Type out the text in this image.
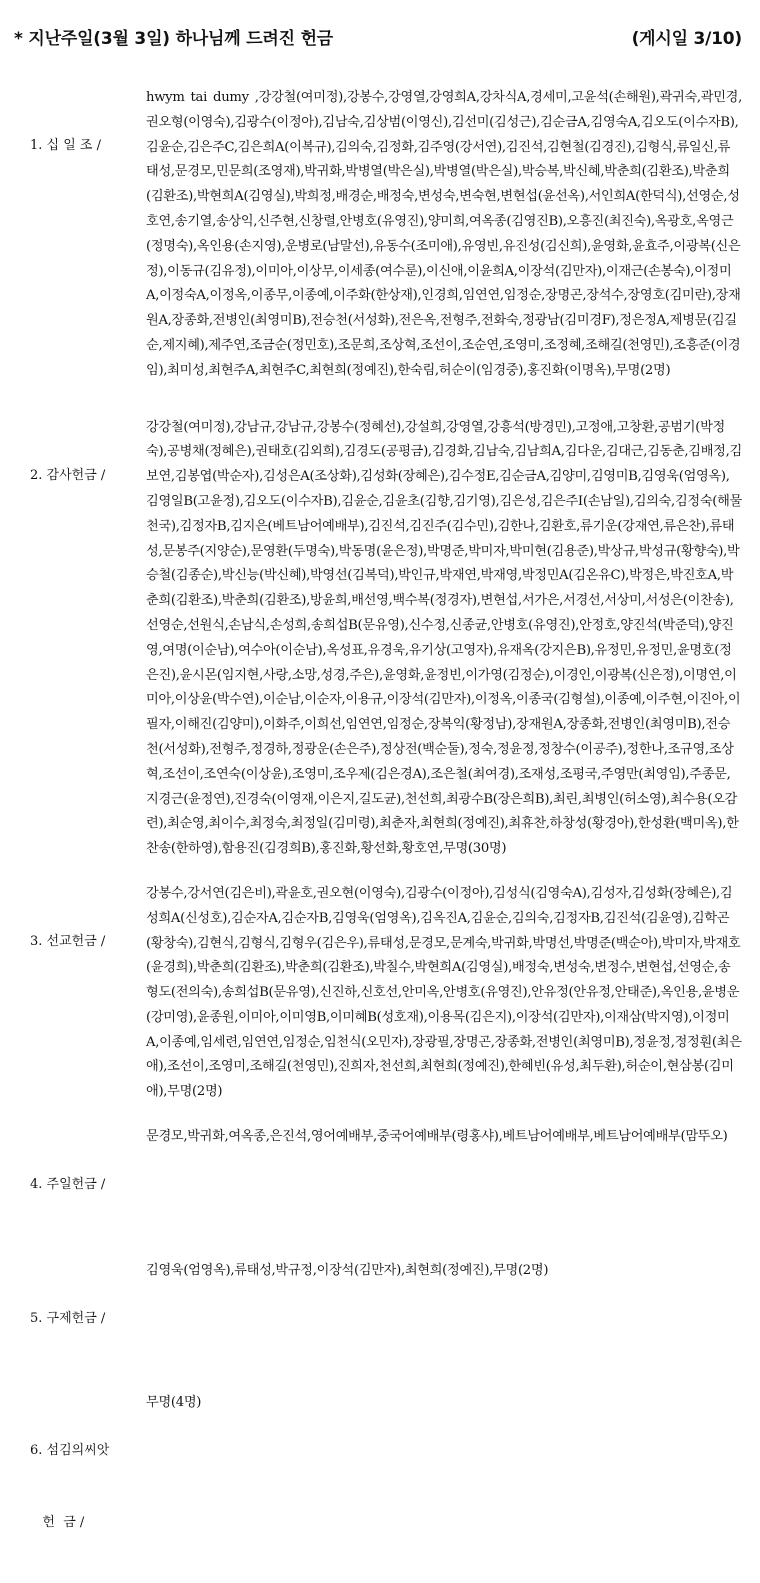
* 지난주일(3월 3일) 하나님께 드려진 헌금	(게시일 3/10)

1. 십 일 조 /

hwym tai dumy ,강강철(여미정),강봉수,강영열,강영희A,강차식A,경세미,고윤석(손해원),곽귀숙,곽민경,권오형(이영숙),김광수(이정아),김남숙,김상범(이영신),김선미(김성근),김순금A,김영숙A,김오도(이수자B),김윤순,김은주C,김은희A(이복규),김의숙,김정화,김주영(강서연),김진석,김현철(김경진),김형식,류일신,류태성,문경모,민문희(조영재),박귀화,박병열(박은실),박병열(박은실),박승복,박신혜,박춘희(김환조),박춘희(김환조),박현희A(김영실),박희정,배경순,배정숙,변성숙,변숙현,변현섭(윤선옥),서인희A(한덕식),선영순,성호연,송기열,송상익,신주현,신창렬,안병호(유영진),양미희,여옥종(김영진B),오흥진(최진숙),옥광호,옥영근(정명숙),옥인용(손지영),운병로(남말선),유동수(조미애),유영빈,유진성(김신희),윤영화,윤효주,이광복(신은정),이동규(김유정),이미아,이상무,이세종(여수룬),이신애,이윤희A,이장석(김만자),이재근(손봉숙),이정미A,이정숙A,이정옥,이종무,이종예,이주화(한상재),인경희,임연연,임정순,장명곤,장석수,장영호(김미란),장재원A,장종화,전병인(최영미B),전승천(서성화),전은옥,전형주,전화숙,정광남(김미경F),정은정A,제병문(김길순,제지혜),제주연,조금순(정민호),조문희,조상혁,조선이,조순연,조영미,조정혜,조해길(천영민),조흥준(이경임),최미성,최현주A,최현주C,최현희(정예진),한숙림,허순이(임경중),홍진화(이명옥),무명(2명)

2. 감사헌금 /

강강철(여미정),강남규,강남규,강봉수(정혜선),강설희,강영열,강흥석(방경민),고정애,고창환,공범기(박정숙),공병채(정혜은),권태호(김외희),김경도(공평금),김경화,김남숙,김남희A,김다운,김대근,김동춘,김배정,김보연,김봉엽(박순자),김성은A(조상화),김성화(장혜은),김수정E,김순금A,김양미,김영미B,김영욱(엄영옥),김영일B(고윤정),김오도(이수자B),김윤순,김윤초(김향,김기영),김은성,김은주I(손남일),김의숙,김정숙(해물천국),김정자B,김지은(베트남어예배부),김진석,김진주(김수민),김한나,김환호,류기운(강재연,류은찬),류태성,문봉주(지양순),문영환(두명숙),박동명(윤은정),박명준,박미자,박미현(김용준),박상규,박성규(황향숙),박승철(김종순),박신능(박신혜),박영선(김복덕),박인규,박재연,박재영,박정민A(김온유C),박정은,박진호A,박춘희(김환조),박춘희(김환조),방윤희,배선영,백수복(정경자),변현섭,서가은,서경선,서상미,서성은(이찬송),선영순,선원식,손남식,손성희,송희섭B(문유영),신수정,신종균,안병호(유영진),안정호,양진석(박준덕),양진영,여명(이순남),여수아(이순남),옥성표,유경욱,유기상(고영자),유재옥(강지은B),유정민,유정민,윤명호(정은진),윤시몬(임지현,사랑,소망,성경,주은),윤영화,윤정빈,이가영(김정순),이경인,이광복(신은정),이명연,이미아,이상윤(박수연),이순남,이순자,이용규,이장석(김만자),이정옥,이종국(김형설),이종예,이주현,이진아,이필자,이해진(김양미),이화주,이희선,임연연,임정순,장복익(황정남),장재원A,장종화,전병인(최영미B),전승천(서성화),전형주,정경하,정광운(손은주),정상전(백순둘),정숙,정윤정,정창수(이공주),정한나,조규영,조상혁,조선이,조연숙(이상윤),조영미,조우제(김은경A),조은철(최여경),조재성,조평국,주영만(최영임),주종문,지경근(윤정연),진경숙(이영재,이은지,길도균),천선희,최광수B(장은희B),최린,최병인(허소영),최수용(오감련),최순영,최이수,최정숙,최정일(김미령),최춘자,최현희(정예진),최휴찬,하창성(황경아),한성환(백미옥),한찬송(한하영),함용진(김경희B),홍진화,황선화,황호연,무명(30명)

3. 선교헌금 /

강봉수,강서연(김은비),곽윤호,권오현(이영숙),김광수(이정아),김성식(김영숙A),김성자,김성화(장혜은),김성희A(신성호),김순자A,김순자B,김영욱(엄영옥),김옥진A,김윤순,김의숙,김정자B,김진석(김윤영),김학곤(황창숙),김현식,김형식,김형우(김은우),류태성,문경모,문계숙,박귀화,박명선,박명준(백순아),박미자,박재호(윤경희),박춘희(김환조),박춘희(김환조),박칠수,박현희A(김영실),배정숙,변성숙,변정수,변현섭,선영순,송형도(전의숙),송희섭B(문유영),신진하,신호선,안미옥,안병호(유영진),안유정(안유정,안태준),옥인용,윤병운(강미영),윤종원,이미아,이미영B,이미혜B(성호재),이용목(김은지),이장석(김만자),이재삼(박지영),이정미A,이종예,임세련,임연연,임정순,임천식(오민자),장광필,장명곤,장종화,전병인(최영미B),정윤정,정정훤(최은애),조선이,조영미,조해길(천영민),진희자,천선희,최현희(정예진),한혜빈(유성,최두환),허순이,현삼봉(김미애),무명(2명)

4. 주일헌금 /

문경모,박귀화,여옥종,은진석,영어예배부,중국어예배부(령홍샤),베트남어예배부,베트남어예배부(맘뚜오)

5. 구제헌금 /

김영욱(엄영옥),류태성,박규정,이장석(김만자),최현희(정예진),무명(2명)

6. 섬김의씨앗

헌  금 /

무명(4명)
